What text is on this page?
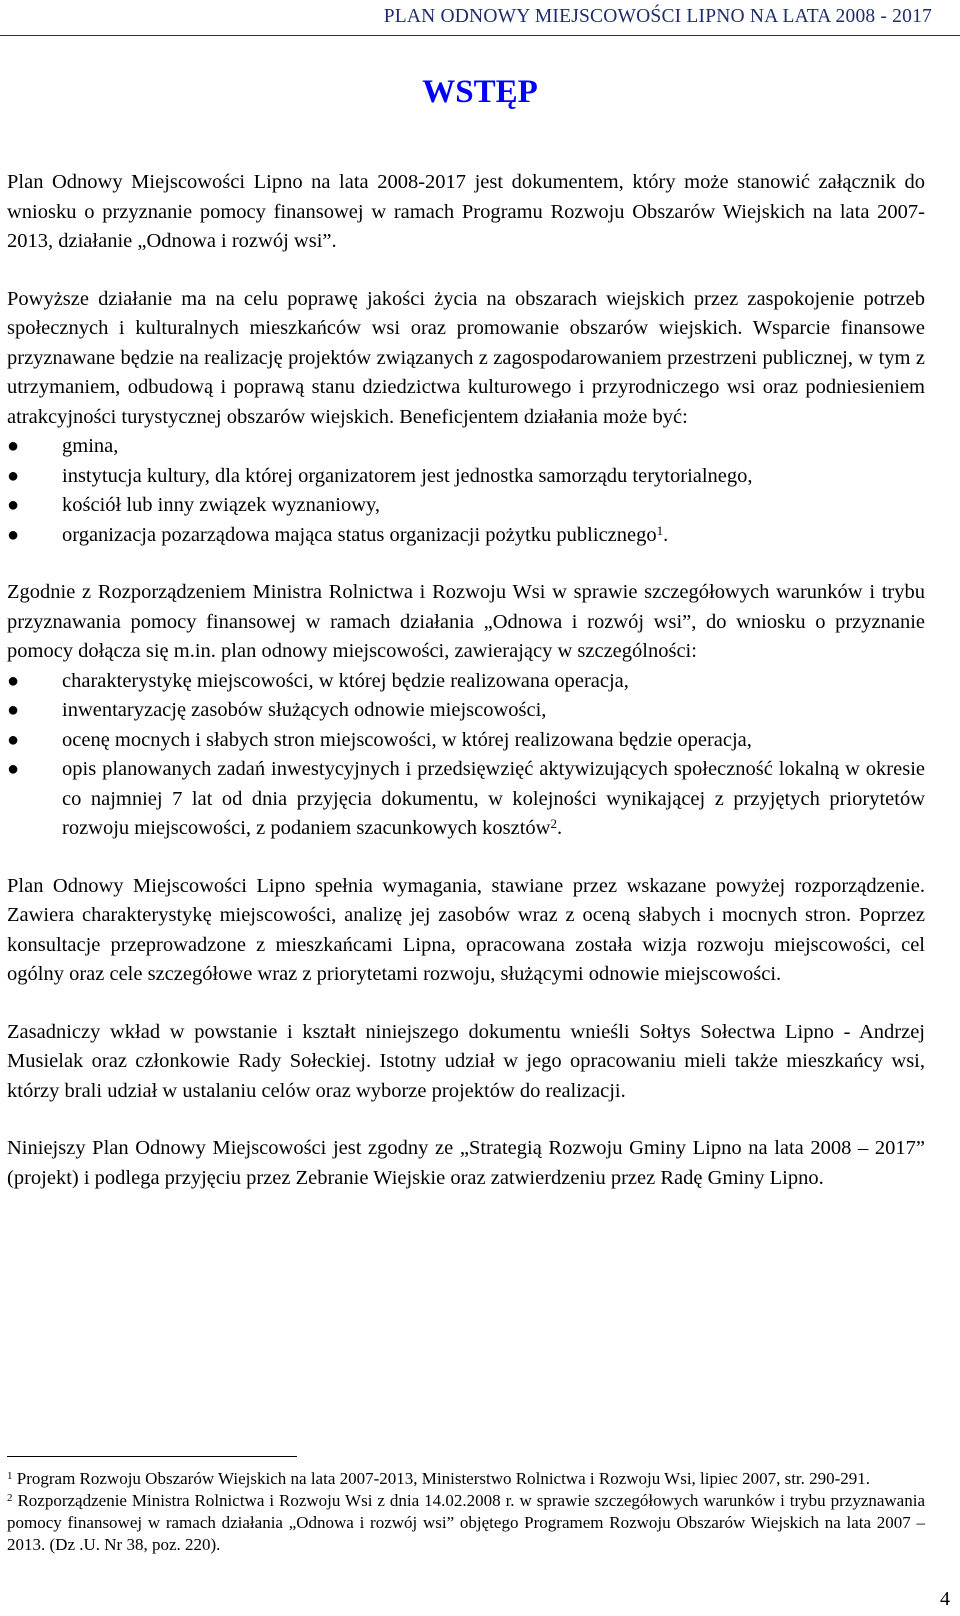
PLAN ODNOWY MIEJSCOWOŚCI LIPNO NA LATA 2008 - 2017
WSTĘP

Plan Odnowy Miejscowości Lipno na lata 2008-2017 jest dokumentem, który może stanowić załącznik do wniosku o przyznanie pomocy finansowej w ramach Programu Rozwoju Obszarów Wiejskich na lata 2007-2013, działanie „Odnowa i rozwój wsi”.

Powyższe działanie ma na celu poprawę jakości życia na obszarach wiejskich przez zaspokojenie potrzeb społecznych i kulturalnych mieszkańców wsi oraz promowanie obszarów wiejskich. Wsparcie finansowe przyznawane będzie na realizację projektów związanych z zagospodarowaniem przestrzeni publicznej, w tym z utrzymaniem, odbudową i poprawą stanu dziedzictwa kulturowego i przyrodniczego wsi oraz podniesieniem atrakcyjności turystycznej obszarów wiejskich. Beneficjentem działania może być:

● gmina,
● instytucja kultury, dla której organizatorem jest jednostka samorządu terytorialnego,
● kościół lub inny związek wyznaniowy,
● organizacja pozarządowa mająca status organizacji pożytku publicznego$^1$.

Zgodnie z Rozporządzeniem Ministra Rolnictwa i Rozwoju Wsi w sprawie szczegółowych warunków i trybu przyznawania pomocy finansowej w ramach działania „Odnowa i rozwój wsi”, do wniosku o przyznanie pomocy dołącza się m.in. plan odnowy miejscowości, zawierający w szczególności:

● charakterystykę miejscowości, w której będzie realizowana operacja,
● inwentaryzację zasobów służących odnowie miejscowości,
● ocenę mocnych i słabych stron miejscowości, w której realizowana będzie operacja,
● opis planowanych zadań inwestycyjnych i przedsięwzięć aktywizujących społeczność lokalną w okresie co najmniej 7 lat od dnia przyjęcia dokumentu, w kolejności wynikającej z przyjętych priorytetów rozwoju miejscowości, z podaniem szacunkowych kosztów$^2$.

Plan Odnowy Miejscowości Lipno spełnia wymagania, stawiane przez wskazane powyżej rozporządzenie. Zawiera charakterystykę miejscowości, analizę jej zasobów wraz z oceną słabych i mocnych stron. Poprzez konsultacje przeprowadzone z mieszkańcami Lipna, opracowana została wizja rozwoju miejscowości, cel ogólny oraz cele szczegółowe wraz z priorytetami rozwoju, służącymi odnowie miejscowości.

Zasadniczy wkład w powstanie i kształt niniejszego dokumentu wnieśli Sołtys Sołectwa Lipno - Andrzej Musielak oraz członkowie Rady Sołeckiej. Istotny udział w jego opracowaniu mieli także mieszkańcy wsi, którzy brali udział w ustalaniu celów oraz wyborze projektów do realizacji.

Niniejszy Plan Odnowy Miejscowości jest zgodny ze „Strategią Rozwoju Gminy Lipno na lata 2008 – 2017” (projekt) i podlega przyjęciu przez Zebranie Wiejskie oraz zatwierdzeniu przez Radę Gminy Lipno.

$^1$ Program Rozwoju Obszarów Wiejskich na lata 2007-2013, Ministerstwo Rolnictwa i Rozwoju Wsi, lipiec 2007, str. 290-291.

$^2$ Rozporządzenie Ministra Rolnictwa i Rozwoju Wsi z dnia 14.02.2008 r. w sprawie szczegółowych warunków i trybu przyznawania pomocy finansowej w ramach działania „Odnowa i rozwój wsi” objętego Programem Rozwoju Obszarów Wiejskich na lata 2007 – 2013. (Dz .U. Nr 38, poz. 220).

4
